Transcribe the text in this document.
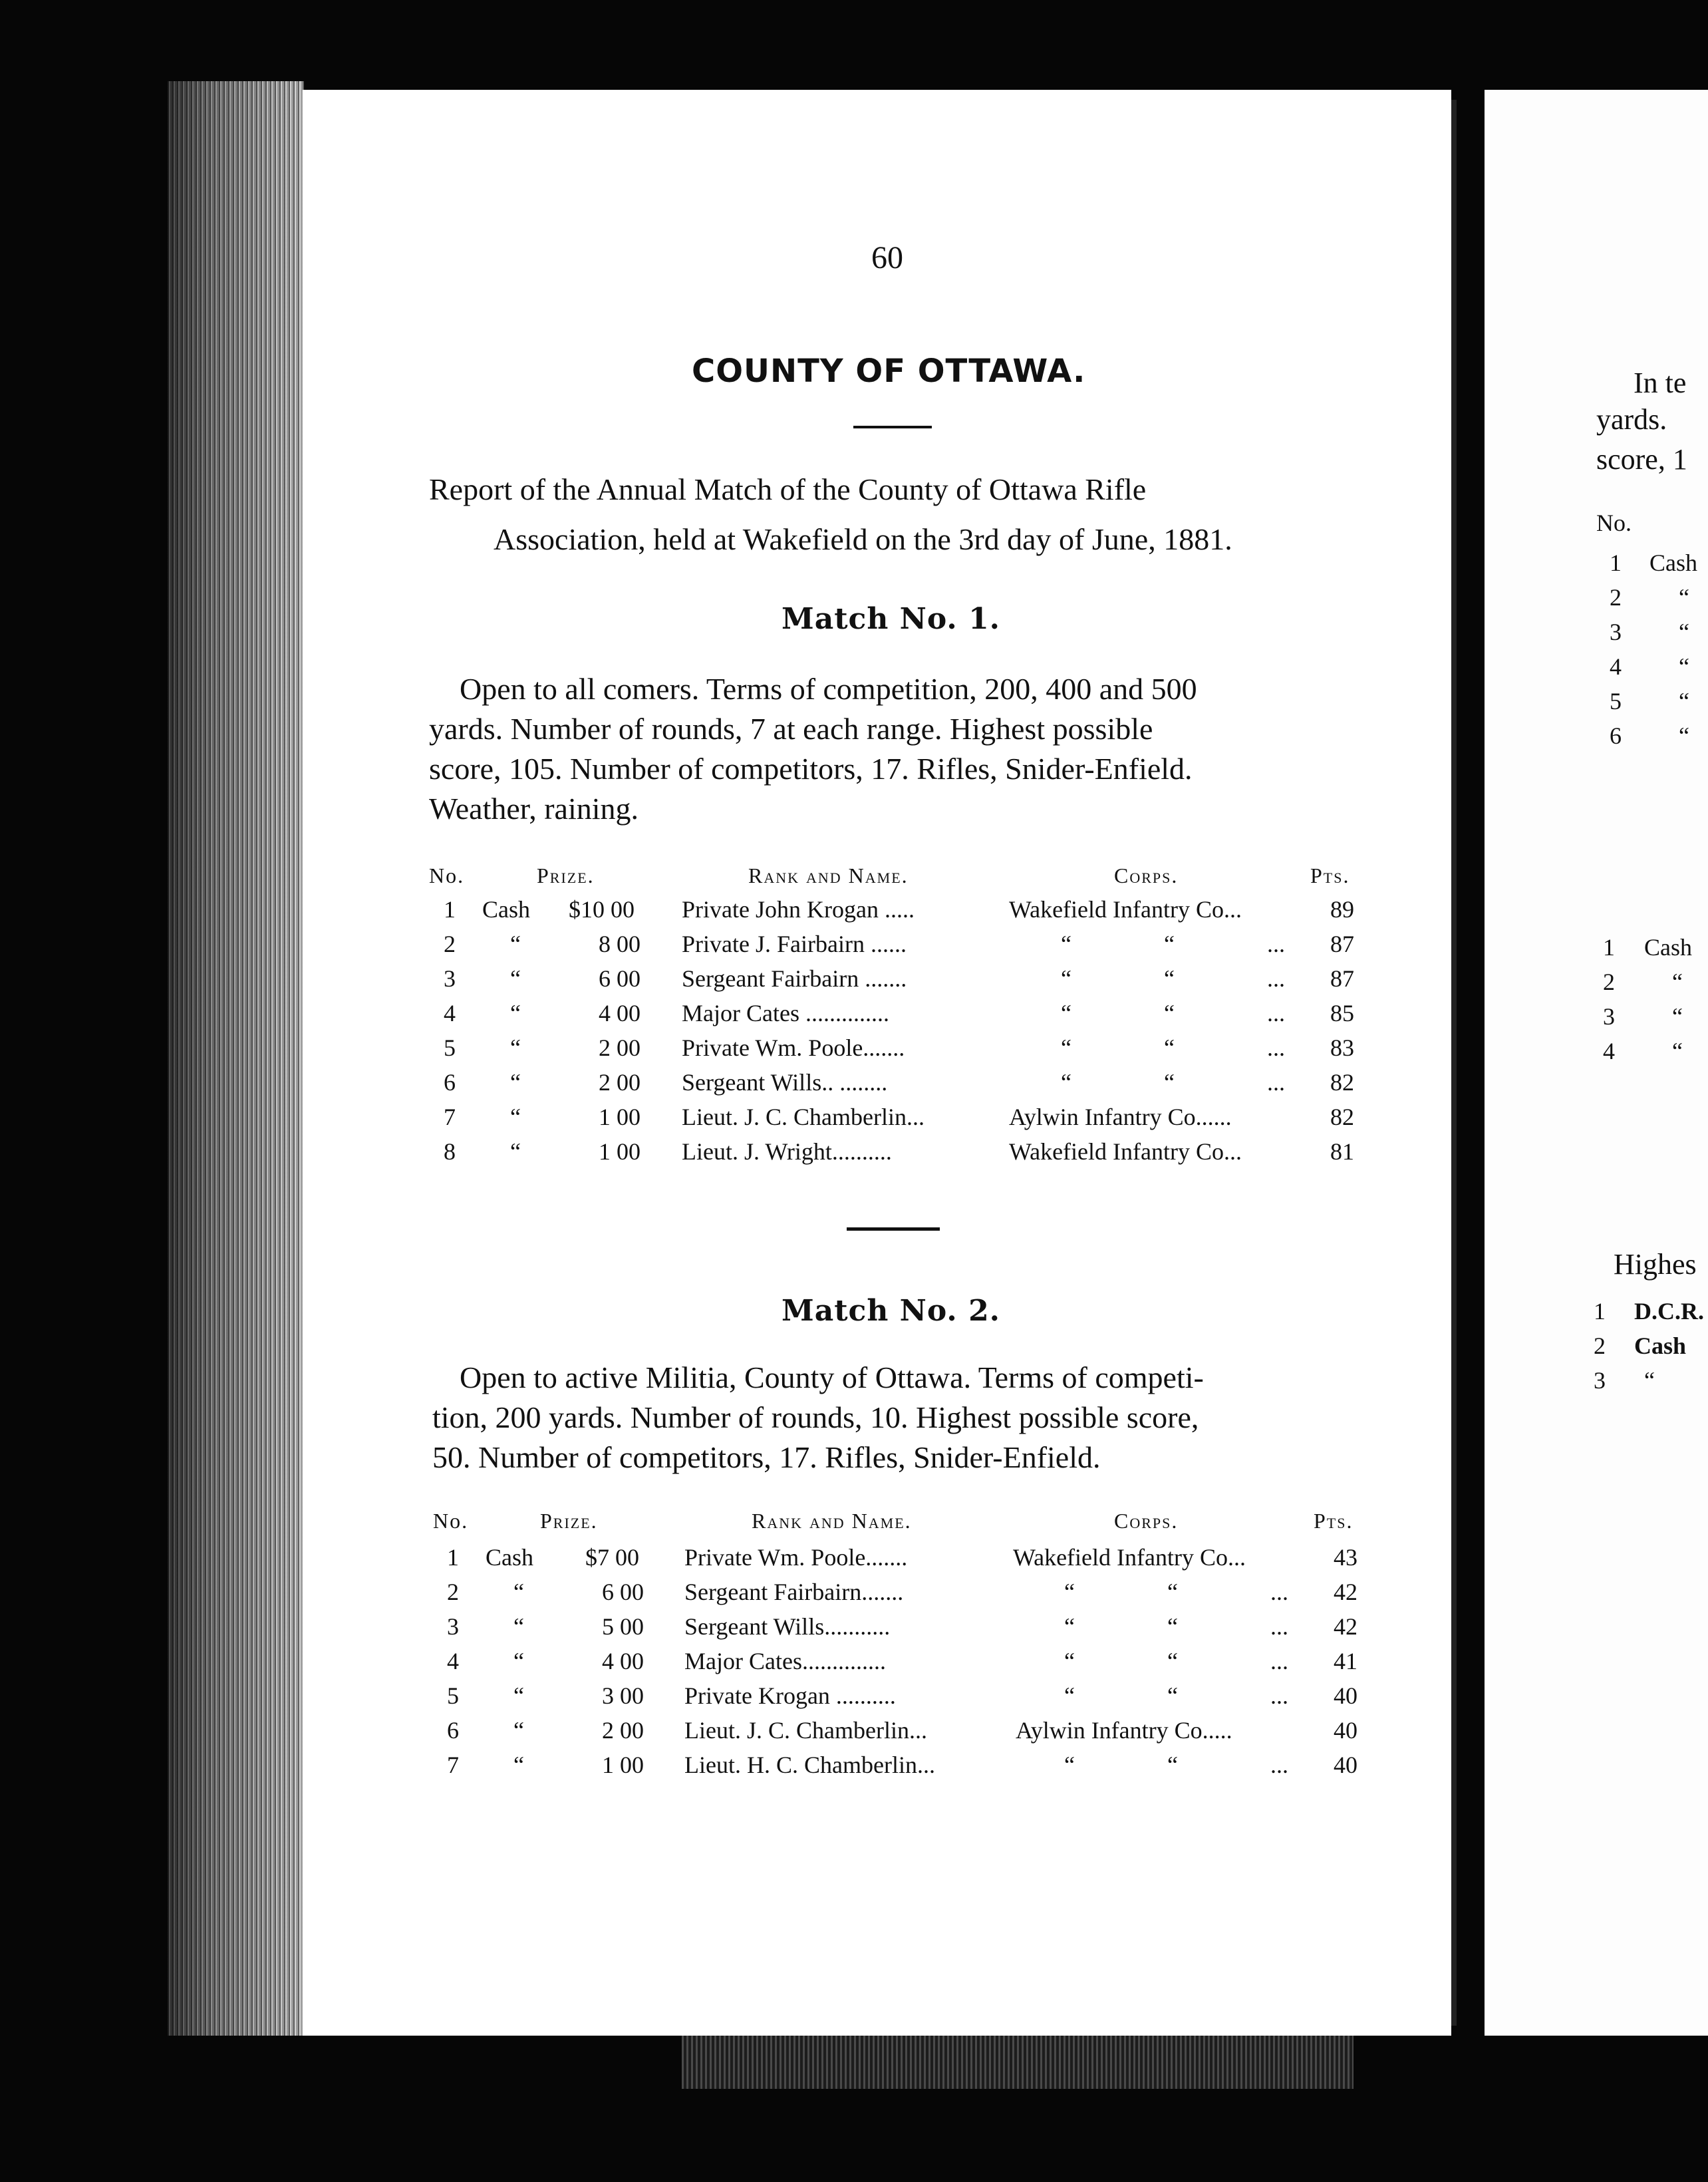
60
COUNTY OF OTTAWA.
Report of the Annual Match of the County of Ottawa Rifle
Association, held at Wakefield on the 3rd day of June, 1881.
Match No. 1.
Open to all comers. Terms of competition, 200, 400 and 500
yards. Number of rounds, 7 at each range. Highest possible
score, 105. Number of competitors, 17. Rifles, Snider-Enfield.
Weather, raining.
No.	Prize.	Rank and Name.	Corps.	Pts.
1 Cash $10 00 Private John Krogan .....	Wakefield Infantry Co...	89
2 “	8 00 Private J. Fairbairn ......	“ “ ... 87
3 “	6 00 Sergeant Fairbairn .......	“ “ ... 87
4 “	4 00 Major Cates ..............	“ “ ... 85
5 “	2 00 Private Wm. Poole.......	“ “ ... 83
6 “	2 00 Sergeant Wills.. ........	“ “ ... 82
7 “	1 00 Lieut. J. C. Chamberlin...	Aylwin Infantry Co......	82
8 “	1 00 Lieut. J. Wright..........	Wakefield Infantry Co...	81
Match No. 2.
Open to active Militia, County of Ottawa. Terms of competi-
tion, 200 yards. Number of rounds, 10. Highest possible score,
50. Number of competitors, 17. Rifles, Snider-Enfield.
No.	Prize.	Rank and Name.	Corps.	Pts.
1 Cash $7 00 Private Wm. Poole.......	Wakefield Infantry Co...	43
2 “	6 00 Sergeant Fairbairn.......	“ “ ... 42
3 “	5 00 Sergeant Wills...........	“ “ ... 42
4 “	4 00 Major Cates..............	“ “ ... 41
5 “	3 00 Private Krogan ..........	“ “ ... 40
6 “	2 00 Lieut. J. C. Chamberlin...	Aylwin Infantry Co.....	40
7 “	1 00 Lieut. H. C. Chamberlin...	“ “ ... 40
In te
yards.
score, 1
No.
1 Cash
2 “
3 “
4 “
5 “
6 “
1 Cash
2 “
3 “
4 “
Highes
1 D.C.R.
2 Cash
3 “
